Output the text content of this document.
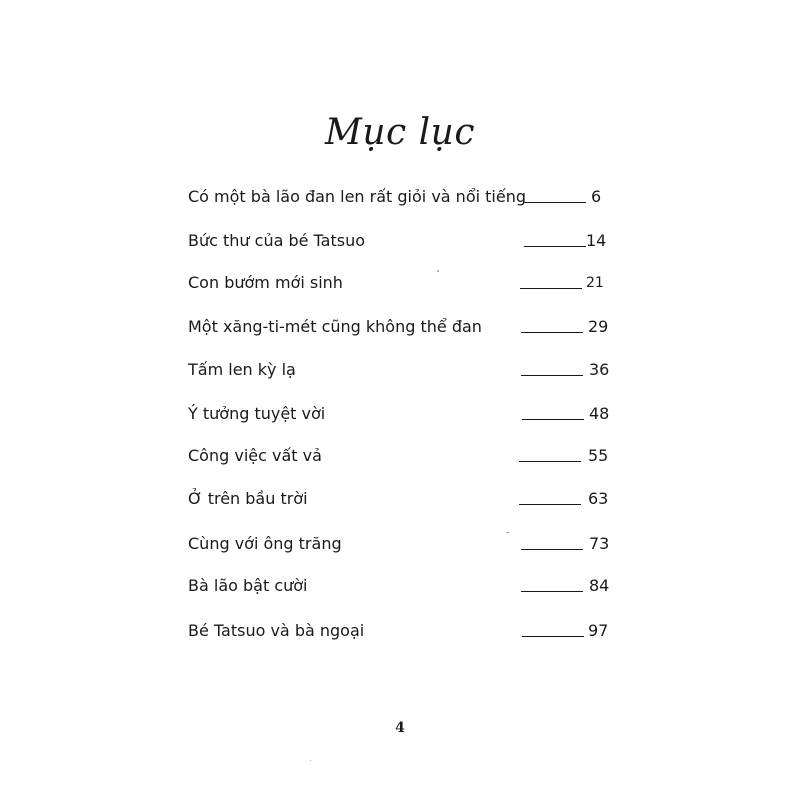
Mục lục
Có một bà lão đan len rất giỏi và nổi tiếng	6
Bức thư của bé Tatsuo	14
Con bướm mới sinh	21
Một xăng-ti-mét cũng không thể đan	29
Tấm len kỳ lạ	36
Ý tưởng tuyệt vời	48
Công việc vất vả	55
Ở trên bầu trời	63
Cùng với ông trăng	73
Bà lão bật cười	84
Bé Tatsuo và bà ngoại	97
4
